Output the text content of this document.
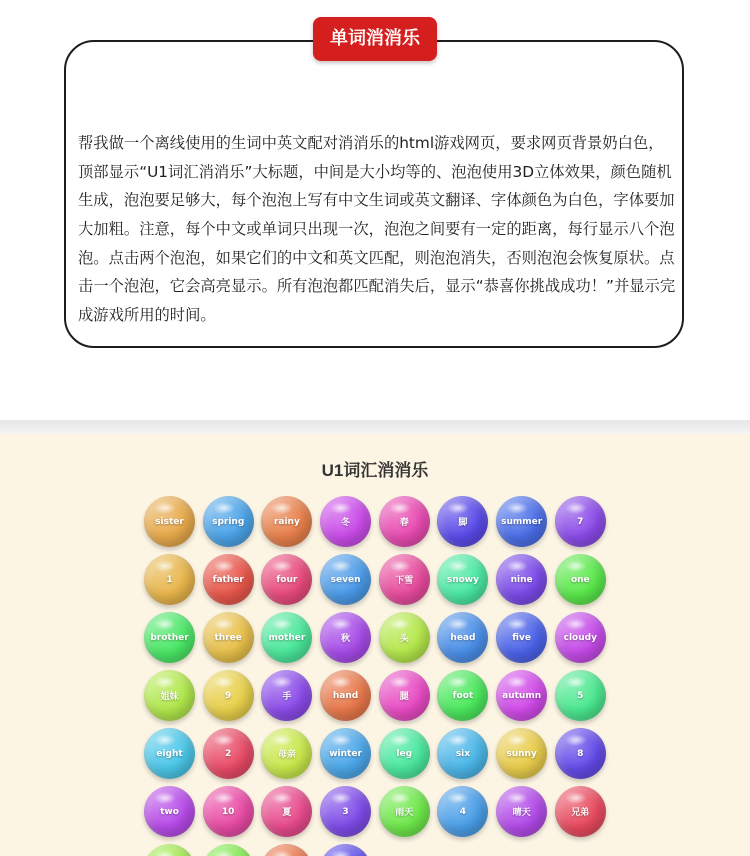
单词消消乐

帮我做一个离线使用的生词中英文配对消消乐的html游戏网页，要求网页背景奶白色，顶部显示“U1词汇消消乐”大标题，中间是大小均等的、泡泡使用3D立体效果，颜色随机生成，泡泡要足够大，每个泡泡上写有中文生词或英文翻译、字体颜色为白色，字体要加大加粗。注意，每个中文或单词只出现一次，泡泡之间要有一定的距离，每行显示八个泡泡。点击两个泡泡，如果它们的中文和英文匹配，则泡泡消失，否则泡泡会恢复原状。点击一个泡泡，它会高亮显示。所有泡泡都匹配消失后，显示“恭喜你挑战成功！”并显示完成游戏所用的时间。

U1词汇消消乐
sister	spring	rainy	冬	春	脚	summer	7
1	father	four	seven	下雪	snowy	nine	one
brother	three	mother	秋	头	head	five	cloudy
姐妹	9	手	hand	腿	foot	autumn	5
eight	2	母亲	winter	leg	six	sunny	8
two	10	夏	3	雨天	4	晴天	兄弟
